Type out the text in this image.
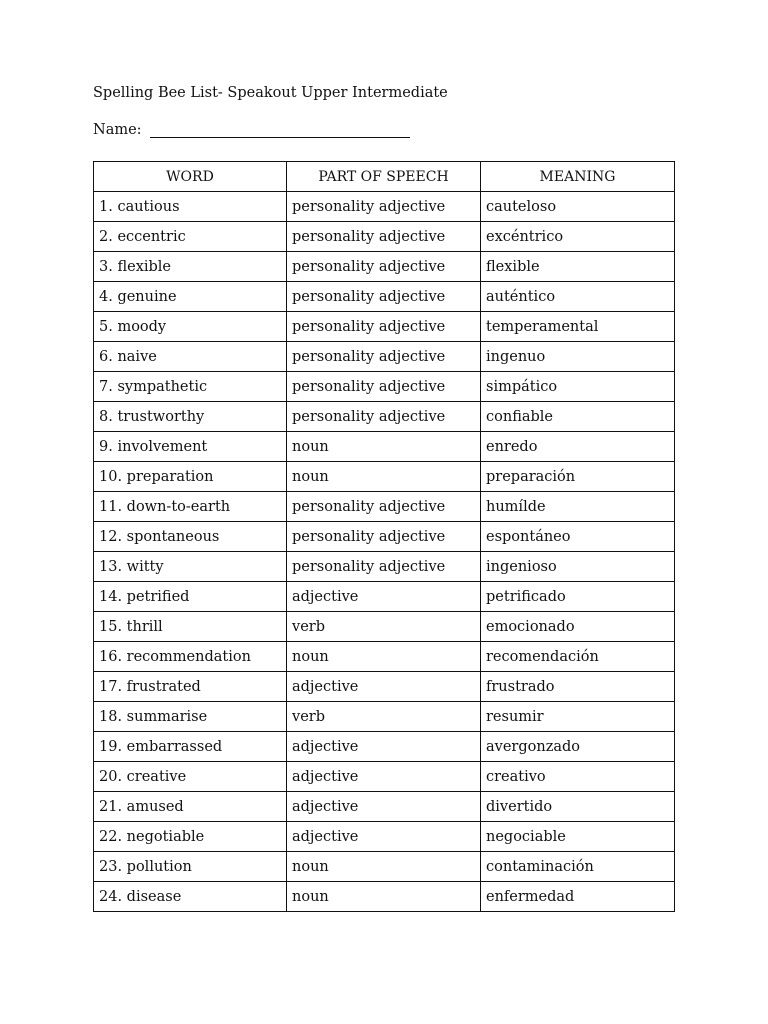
Spelling Bee List- Speakout Upper Intermediate
Name:
WORD	PART OF SPEECH	MEANING
1. cautious	personality adjective	cauteloso
2. eccentric	personality adjective	excéntrico
3. flexible	personality adjective	flexible
4. genuine	personality adjective	auténtico
5. moody	personality adjective	temperamental
6. naive	personality adjective	ingenuo
7. sympathetic	personality adjective	simpático
8. trustworthy	personality adjective	confiable
9. involvement	noun	enredo
10. preparation	noun	preparación
11. down-to-earth	personality adjective	humílde
12. spontaneous	personality adjective	espontáneo
13. witty	personality adjective	ingenioso
14. petrified	adjective	petrificado
15. thrill	verb	emocionado
16. recommendation	noun	recomendación
17. frustrated	adjective	frustrado
18. summarise	verb	resumir
19. embarrassed	adjective	avergonzado
20. creative	adjective	creativo
21. amused	adjective	divertido
22. negotiable	adjective	negociable
23. pollution	noun	contaminación
24. disease	noun	enfermedad
